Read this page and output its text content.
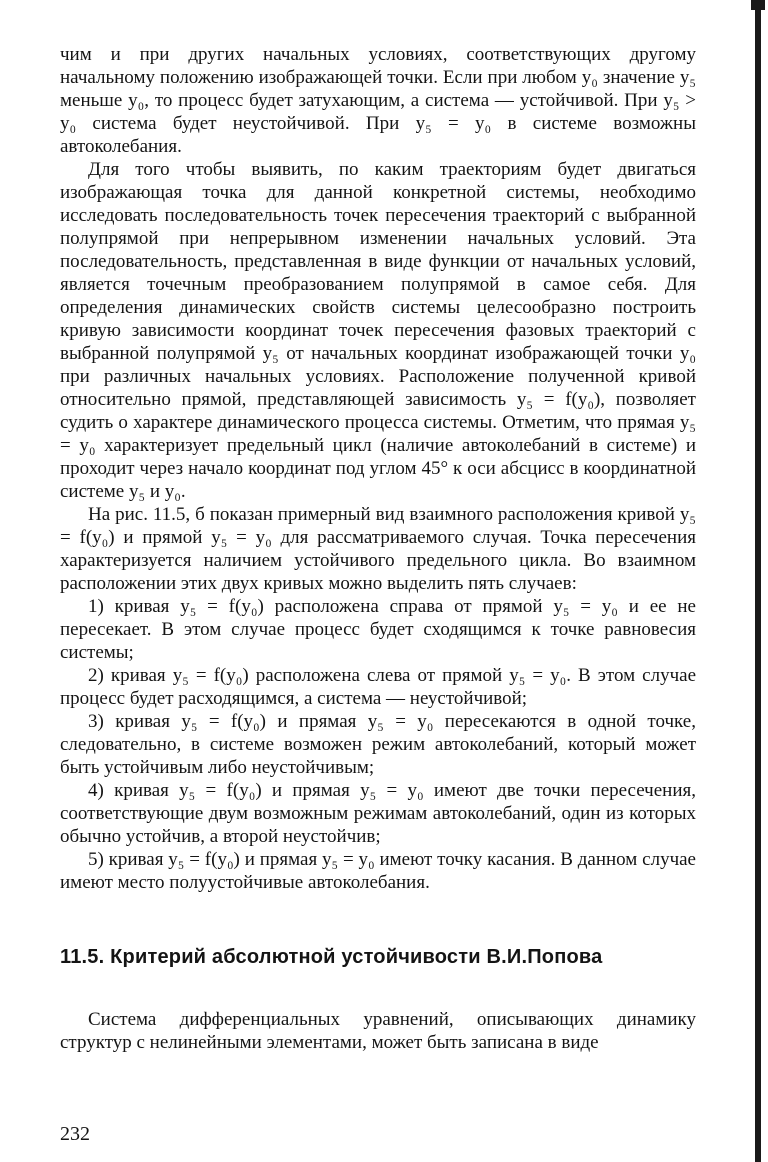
чим и при других начальных условиях, соответствующих другому начальному положению изображающей точки. Если при любом y₀ значение y₅ меньше y₀, то процесс будет затухающим, а система — устойчивой. При y₅ > y₀ система будет неустойчивой. При y₅ = y₀ в системе возможны автоколебания.

Для того чтобы выявить, по каким траекториям будет двигаться изображающая точка для данной конкретной системы, необходимо исследовать последовательность точек пересечения траекторий с выбранной полупрямой при непрерывном изменении начальных условий. Эта последовательность, представленная в виде функции от начальных условий, является точечным преобразованием полупрямой в самое себя. Для определения динамических свойств системы целесообразно построить кривую зависимости координат точек пересечения фазовых траекторий с выбранной полупрямой y₅ от начальных координат изображающей точки y₀ при различных начальных условиях. Расположение полученной кривой относительно прямой, представляющей зависимость y₅ = f(y₀), позволяет судить о характере динамического процесса системы. Отметим, что прямая y₅ = y₀ характеризует предельный цикл (наличие автоколебаний в системе) и проходит через начало координат под углом 45° к оси абсцисс в координатной системе y₅ и y₀.

На рис. 11.5, б показан примерный вид взаимного расположения кривой y₅ = f(y₀) и прямой y₅ = y₀ для рассматриваемого случая. Точка пересечения характеризуется наличием устойчивого предельного цикла. Во взаимном расположении этих двух кривых можно выделить пять случаев:

1) кривая y₅ = f(y₀) расположена справа от прямой y₅ = y₀ и ее не пересекает. В этом случае процесс будет сходящимся к точке равновесия системы;

2) кривая y₅ = f(y₀) расположена слева от прямой y₅ = y₀. В этом случае процесс будет расходящимся, а система — неустойчивой;

3) кривая y₅ = f(y₀) и прямая y₅ = y₀ пересекаются в одной точке, следовательно, в системе возможен режим автоколебаний, который может быть устойчивым либо неустойчивым;

4) кривая y₅ = f(y₀) и прямая y₅ = y₀ имеют две точки пересечения, соответствующие двум возможным режимам автоколебаний, один из которых обычно устойчив, а второй неустойчив;

5) кривая y₅ = f(y₀) и прямая y₅ = y₀ имеют точку касания. В данном случае имеют место полуустойчивые автоколебания.

11.5. Критерий абсолютной устойчивости В.И.Попова

Система дифференциальных уравнений, описывающих динамику структур с нелинейными элементами, может быть записана в виде

232
